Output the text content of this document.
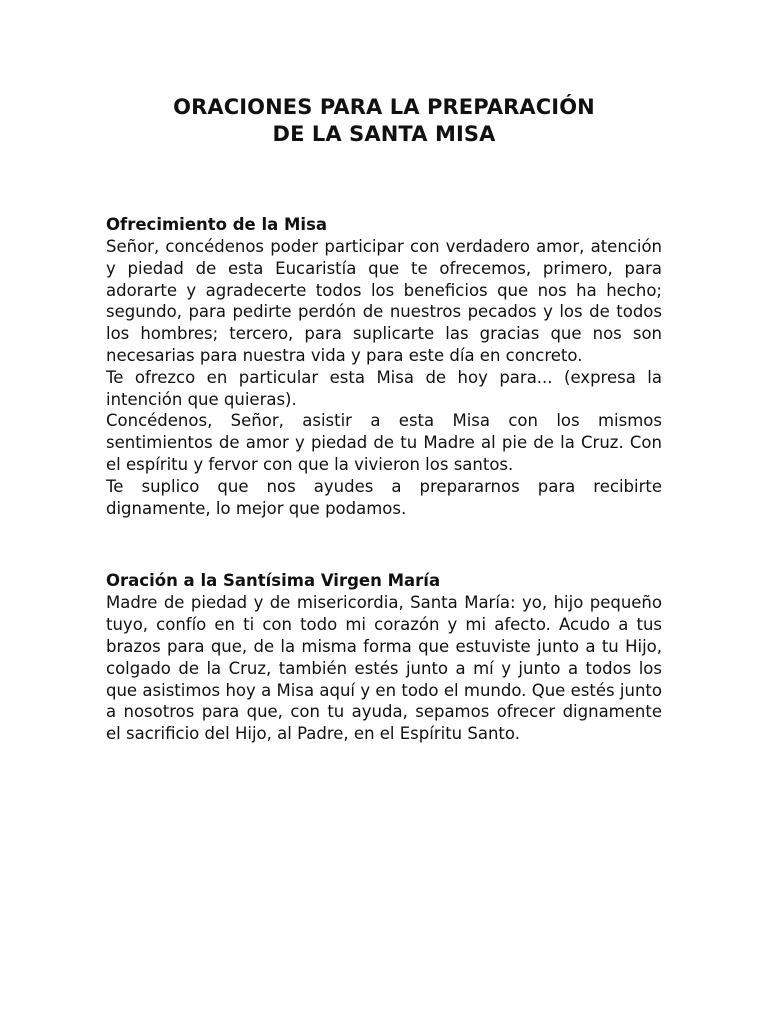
ORACIONES PARA LA PREPARACIÓN
DE LA SANTA MISA
Ofrecimiento de la Misa

Señor, concédenos poder participar con verdadero amor, atención y piedad de esta Eucaristía que te ofrecemos, primero, para adorarte y agradecerte todos los beneficios que nos ha hecho; segundo, para pedirte perdón de nuestros pecados y los de todos los hombres; tercero, para suplicarte las gracias que nos son necesarias para nuestra vida y para este día en concreto.

Te ofrezco en particular esta Misa de hoy para... (expresa la intención que quieras).

Concédenos, Señor, asistir a esta Misa con los mismos sentimientos de amor y piedad de tu Madre al pie de la Cruz. Con el espíritu y fervor con que la vivieron los santos.

Te suplico que nos ayudes a prepararnos para recibirte dignamente, lo mejor que podamos.

Oración a la Santísima Virgen María

Madre de piedad y de misericordia, Santa María: yo, hijo pequeño tuyo, confío en ti con todo mi corazón y mi afecto. Acudo a tus brazos para que, de la misma forma que estuviste junto a tu Hijo, colgado de la Cruz, también estés junto a mí y junto a todos los que asistimos hoy a Misa aquí y en todo el mundo. Que estés junto a nosotros para que, con tu ayuda, sepamos ofrecer dignamente el sacrificio del Hijo, al Padre, en el Espíritu Santo.
